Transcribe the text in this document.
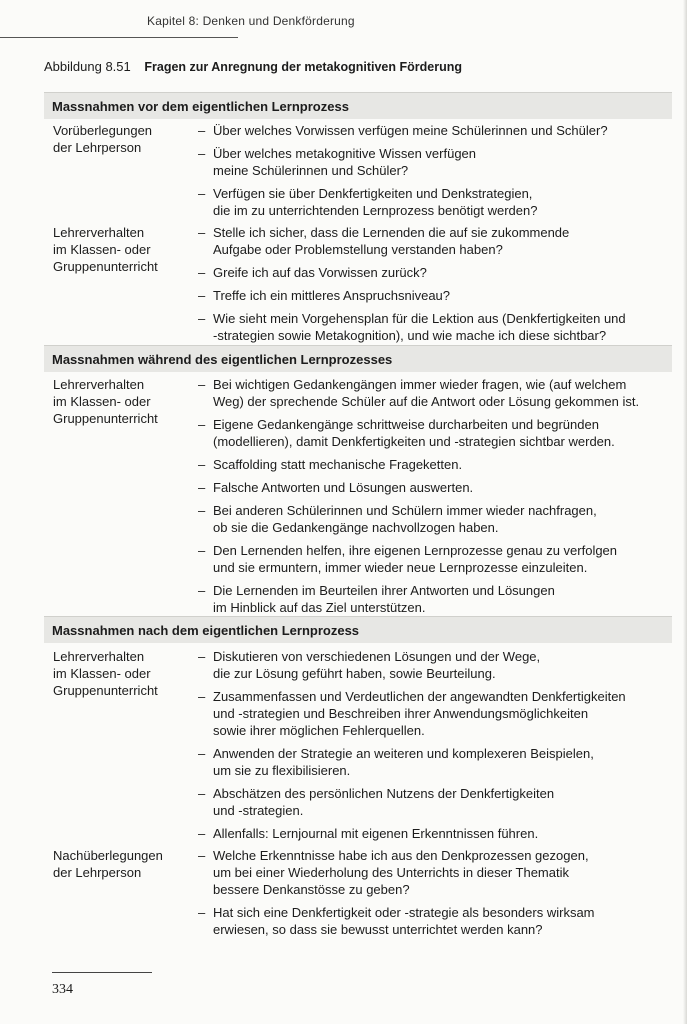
Kapitel 8: Denken und Denkförderung
Abbildung 8.51 Fragen zur Anregnung der metakognitiven Förderung
Massnahmen vor dem eigentlichen Lernprozess
Vorüberlegungen
der Lehrperson
– Über welches Vorwissen verfügen meine Schülerinnen und Schüler?
– Über welches metakognitive Wissen verfügen
meine Schülerinnen und Schüler?
– Verfügen sie über Denkfertigkeiten und Denkstrategien,
die im zu unterrichtenden Lernprozess benötigt werden?
Lehrerverhalten
im Klassen- oder
Gruppenunterricht
– Stelle ich sicher, dass die Lernenden die auf sie zukommende
Aufgabe oder Problemstellung verstanden haben?
– Greife ich auf das Vorwissen zurück?
– Treffe ich ein mittleres Anspruchsniveau?
– Wie sieht mein Vorgehensplan für die Lektion aus (Denkfertigkeiten und
-strategien sowie Metakognition), und wie mache ich diese sichtbar?
Massnahmen während des eigentlichen Lernprozesses
Lehrerverhalten
im Klassen- oder
Gruppenunterricht
– Bei wichtigen Gedankengängen immer wieder fragen, wie (auf welchem
Weg) der sprechende Schüler auf die Antwort oder Lösung gekommen ist.
– Eigene Gedankengänge schrittweise durcharbeiten und begründen
(modellieren), damit Denkfertigkeiten und -strategien sichtbar werden.
– Scaffolding statt mechanische Frageketten.
– Falsche Antworten und Lösungen auswerten.
– Bei anderen Schülerinnen und Schülern immer wieder nachfragen,
ob sie die Gedankengänge nachvollzogen haben.
– Den Lernenden helfen, ihre eigenen Lernprozesse genau zu verfolgen
und sie ermuntern, immer wieder neue Lernprozesse einzuleiten.
– Die Lernenden im Beurteilen ihrer Antworten und Lösungen
im Hinblick auf das Ziel unterstützen.
Massnahmen nach dem eigentlichen Lernprozess
Lehrerverhalten
im Klassen- oder
Gruppenunterricht
– Diskutieren von verschiedenen Lösungen und der Wege,
die zur Lösung geführt haben, sowie Beurteilung.
– Zusammenfassen und Verdeutlichen der angewandten Denkfertigkeiten
und -strategien und Beschreiben ihrer Anwendungsmöglichkeiten
sowie ihrer möglichen Fehlerquellen.
– Anwenden der Strategie an weiteren und komplexeren Beispielen,
um sie zu flexibilisieren.
– Abschätzen des persönlichen Nutzens der Denkfertigkeiten
und -strategien.
– Allenfalls: Lernjournal mit eigenen Erkenntnissen führen.
Nachüberlegungen
der Lehrperson
– Welche Erkenntnisse habe ich aus den Denkprozessen gezogen,
um bei einer Wiederholung des Unterrichts in dieser Thematik
bessere Denkanstösse zu geben?
– Hat sich eine Denkfertigkeit oder -strategie als besonders wirksam
erwiesen, so dass sie bewusst unterrichtet werden kann?
334
